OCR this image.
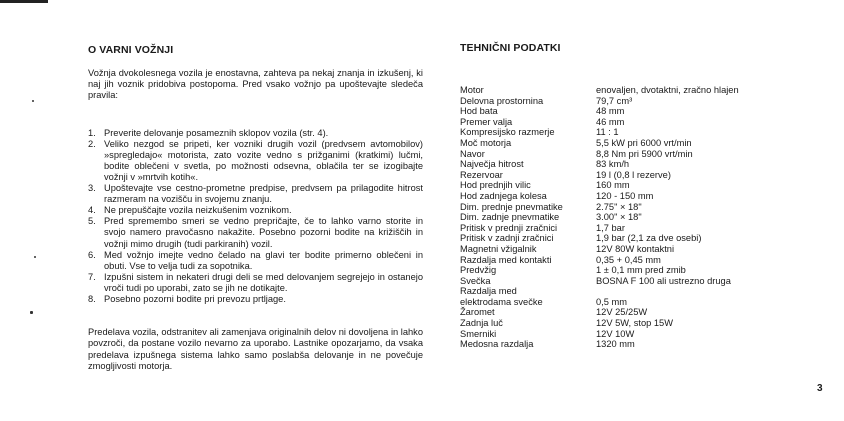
O VARNI VOŽNJI

Vožnja dvokolesnega vozila je enostavna, zahteva pa nekaj znanja in izkušenj, ki naj jih voznik pridobiva postopoma. Pred vsako vožnjo pa upoštevajte sledeča pravila:

1. Preverite delovanje posameznih sklopov vozila (str. 4).
2. Veliko nezgod se pripeti, ker vozniki drugih vozil (predvsem avtomobilov) »spregledajo« motorista, zato vozite vedno s prižganimi (kratkimi) lučmi, bodite oblečeni v svetla, po možnosti odsevna, oblačila ter se izogibajte vožnji v »mrtvih kotih«.
3. Upoštevajte vse cestno-prometne predpise, predvsem pa prilagodite hitrost razmeram na vozišču in svojemu znanju.
4. Ne prepuščajte vozila neizkušenim voznikom.
5. Pred spremembo smeri se vedno prepričajte, če to lahko varno storite in svojo namero pravočasno nakažite. Posebno pozorni bodite na križiščih in vožnji mimo drugih (tudi parkiranih) vozil.
6. Med vožnjo imejte vedno čelado na glavi ter bodite primerno oblečeni in obuti. Vse to velja tudi za sopotnika.
7. Izpušni sistem in nekateri drugi deli se med delovanjem segrejejo in ostanejo vroči tudi po uporabi, zato se jih ne dotikajte.
8. Posebno pozorni bodite pri prevozu prtljage.

Predelava vozila, odstranitev ali zamenjava originalnih delov ni dovoljena in lahko povzroči, da postane vozilo nevarno za uporabo. Lastnike opozarjamo, da vsaka predelava izpušnega sistema lahko samo poslabša delovanje in ne povečuje zmogljivosti motorja.

TEHNIČNI PODATKI
Motor	enovaljen, dvotaktni, zračno hlajen
Delovna prostornina	79,7 cm³
Hod bata	48 mm
Premer valja	46 mm
Kompresijsko razmerje	11 : 1
Moč motorja	5,5 kW pri 6000 vrt/min
Navor	8,8 Nm pri 5900 vrt/min
Največja hitrost	83 km/h
Rezervoar	19 l (0,8 l rezerve)
Hod prednjih vilic	160 mm
Hod zadnjega kolesa	120 - 150 mm
Dim. prednje pnevmatike	2.75" × 18"
Dim. zadnje pnevmatike	3.00" × 18"
Pritisk v prednji zračnici	1,7 bar
Pritisk v zadnji zračnici	1,9 bar (2,1 za dve osebi)
Magnetni vžigalnik	12V 80W kontaktni
Razdalja med kontakti	0,35 + 0,45 mm
Predvžig	1 ± 0,1 mm pred zmib
Svečka	BOSNA F 100 ali ustrezno druga
Razdalja med	
elektrodama svečke	0,5 mm
Žaromet	12V 25/25W
Zadnja luč	12V 5W, stop 15W
Smerniki	12V 10W
Medosna razdalja	1320 mm
3
